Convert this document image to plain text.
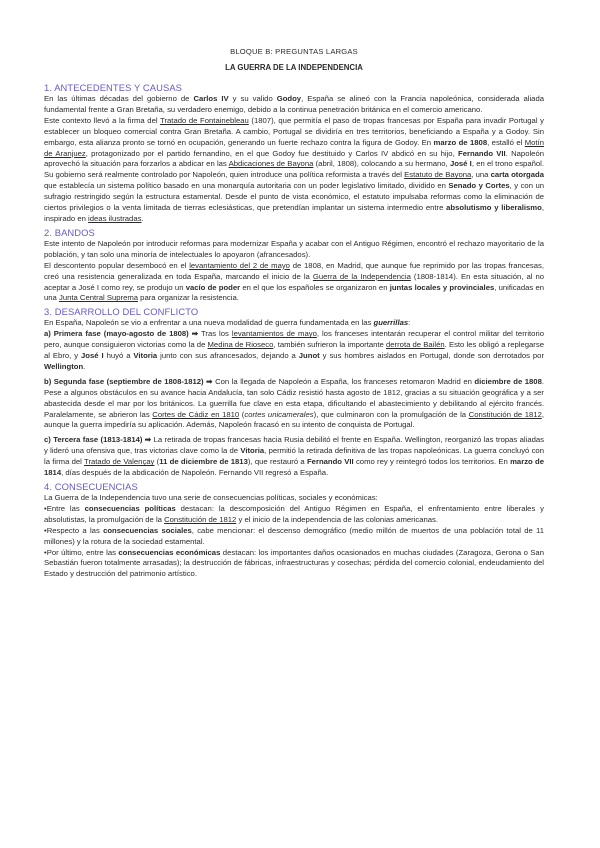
BLOQUE B: PREGUNTAS LARGAS
LA GUERRA DE LA INDEPENDENCIA
1. ANTECEDENTES Y CAUSAS

En las últimas décadas del gobierno de Carlos IV y su valido Godoy, España se alineó con la Francia napoleónica, considerada aliada fundamental frente a Gran Bretaña, su verdadero enemigo, debido a la continua penetración británica en el comercio americano.

Este contexto llevó a la firma del Tratado de Fontainebleau (1807), que permitía el paso de tropas francesas por España para invadir Portugal y establecer un bloqueo comercial contra Gran Bretaña. A cambio, Portugal se dividiría en tres territorios, beneficiando a España y a Godoy. Sin embargo, esta alianza pronto se tornó en ocupación, generando un fuerte rechazo contra la figura de Godoy. En marzo de 1808, estalló el Motín de Aranjuez, protagonizado por el partido fernandino, en el que Godoy fue destituido y Carlos IV abdicó en su hijo, Fernando VII. Napoleón aprovechó la situación para forzarlos a abdicar en las Abdicaciones de Bayona (abril, 1808), colocando a su hermano, José I, en el trono español. Su gobierno será realmente controlado por Napoleón, quien introduce una política reformista a través del Estatuto de Bayona, una carta otorgada que establecía un sistema político basado en una monarquía autoritaria con un poder legislativo limitado, dividido en Senado y Cortes, y con un sufragio restringido según la estructura estamental. Desde el punto de vista económico, el estatuto impulsaba reformas como la eliminación de ciertos privilegios o la venta limitada de tierras eclesiásticas, que pretendían implantar un sistema intermedio entre absolutismo y liberalismo, inspirado en ideas ilustradas.

2. BANDOS

Este intento de Napoleón por introducir reformas para modernizar España y acabar con el Antiguo Régimen, encontró el rechazo mayoritario de la población, y tan solo una minoría de intelectuales lo apoyaron (afrancesados).

El descontento popular desembocó en el levantamiento del 2 de mayo de 1808, en Madrid, que aunque fue reprimido por las tropas francesas, creó una resistencia generalizada en toda España, marcando el inicio de la Guerra de la Independencia (1808-1814). En esta situación, al no aceptar a José I como rey, se produjo un vacío de poder en el que los españoles se organizaron en juntas locales y provinciales, unificadas en una Junta Central Suprema para organizar la resistencia.

3. DESARROLLO DEL CONFLICTO

En España, Napoleón se vio a enfrentar a una nueva modalidad de guerra fundamentada en las guerrillas:

a) Primera fase (mayo-agosto de 1808) ➡ Tras los levantamientos de mayo, los franceses intentarán recuperar el control militar del territorio pero, aunque consiguieron victorias como la de Medina de Rioseco, también sufrieron la importante derrota de Bailén. Esto les obligó a replegarse al Ebro, y José I huyó a Vitoria junto con sus afrancesados, dejando a Junot y sus hombres aislados en Portugal, donde son derrotados por Wellington.

b) Segunda fase (septiembre de 1808-1812) ➡ Con la llegada de Napoleón a España, los franceses retomaron Madrid en diciembre de 1808. Pese a algunos obstáculos en su avance hacia Andalucía, tan solo Cádiz resistió hasta agosto de 1812, gracias a su situación geográfica y a ser abastecida desde el mar por los británicos. La guerrilla fue clave en esta etapa, dificultando el abastecimiento y debilitando al ejército francés. Paralelamente, se abrieron las Cortes de Cádiz en 1810 (cortes unicamerales), que culminaron con la promulgación de la Constitución de 1812, aunque la guerra impediría su aplicación. Además, Napoleón fracasó en su intento de conquista de Portugal.

c) Tercera fase (1813-1814) ➡ La retirada de tropas francesas hacia Rusia debilitó el frente en España. Wellington, reorganizó las tropas aliadas y lideró una ofensiva que, tras victorias clave como la de Vitoria, permitió la retirada definitiva de las tropas napoleónicas. La guerra concluyó con la firma del Tratado de Valençay (11 de diciembre de 1813), que restauró a Fernando VII como rey y reintegró todos los territorios. En marzo de 1814, días después de la abdicación de Napoleón. Fernando VII regresó a España.

4. CONSECUENCIAS

La Guerra de la Independencia tuvo una serie de consecuencias políticas, sociales y económicas:

•Entre las consecuencias políticas destacan: la descomposición del Antiguo Régimen en España, el enfrentamiento entre liberales y absolutistas, la promulgación de la Constitución de 1812 y el inicio de la independencia de las colonias americanas.

•Respecto a las consecuencias sociales, cabe mencionar: el descenso demográfico (medio millón de muertos de una población total de 11 millones) y la rotura de la sociedad estamental.

•Por último, entre las consecuencias económicas destacan: los importantes daños ocasionados en muchas ciudades (Zaragoza, Gerona o San Sebastián fueron totalmente arrasadas); la destrucción de fábricas, infraestructuras y cosechas; pérdida del comercio colonial, endeudamiento del Estado y destrucción del patrimonio artístico.
